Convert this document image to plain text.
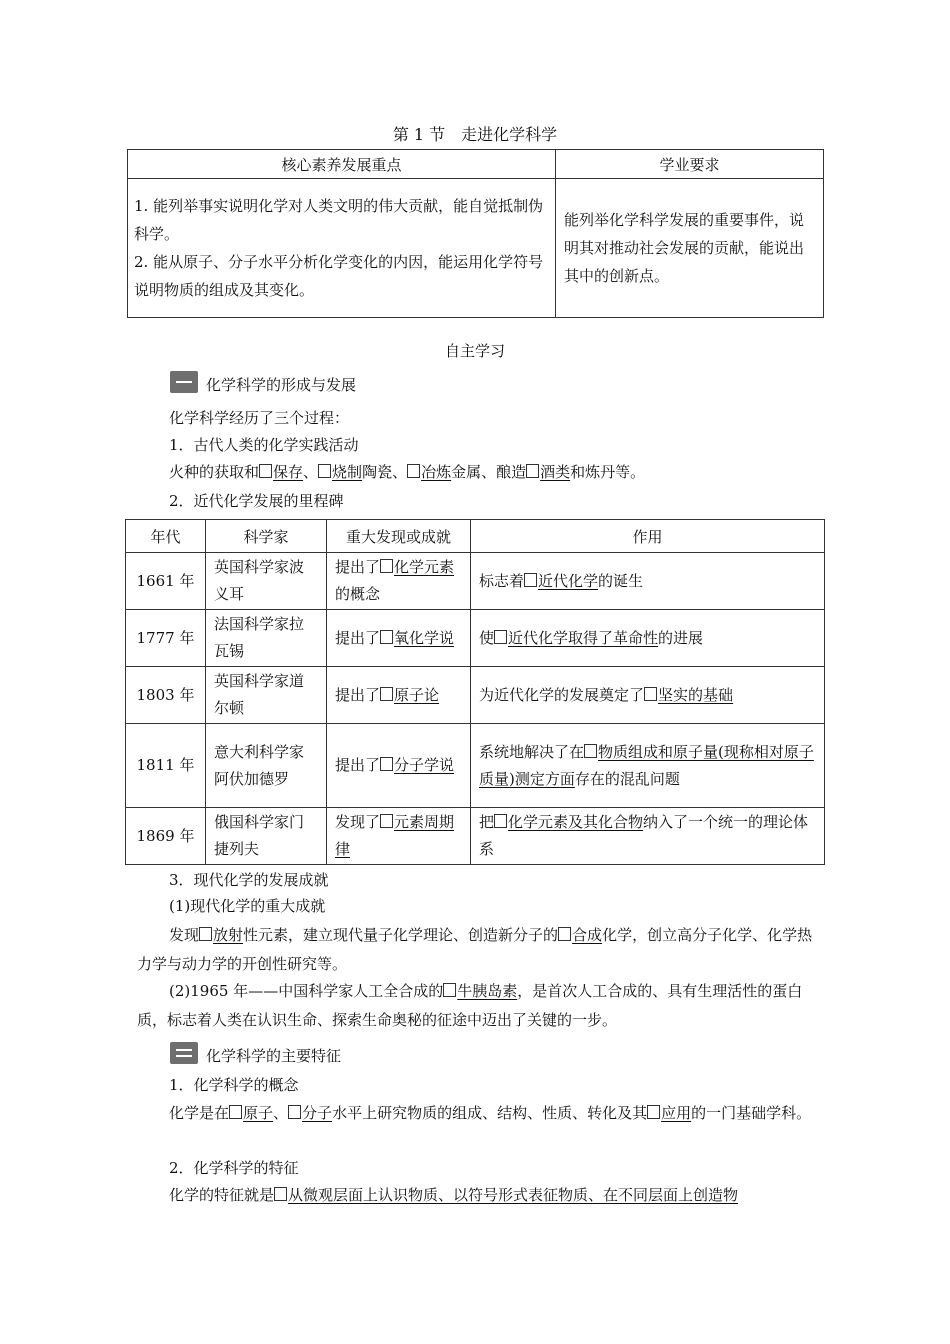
第 1 节　走进化学科学
核心素养发展重点	学业要求

1. 能列举事实说明化学对人类文明的伟大贡献，能自觉抵制伪科学。
2. 能从原子、分子水平分析化学变化的内因，能运用化学符号说明物质的组成及其变化。	能列举化学科学发展的重要事件，说明其对推动社会发展的贡献，能说出其中的创新点。
自主学习
化学科学的形成与发展
化学科学经历了三个过程：
1．古代人类的化学实践活动
火种的获取和 保存、 烧制陶瓷、 冶炼金属、酿造 酒类和炼丹等。
2．近代化学发展的里程碑
年代	科学家	重大发现或成就	作用
1661 年	英国科学家波义耳	提出了 化学元素的概念	标志着 近代化学的诞生
1777 年	法国科学家拉瓦锡	提出了 氧化学说	使 近代化学取得了革命性的进展
1803 年	英国科学家道尔顿	提出了 原子论	为近代化学的发展奠定了 坚实的基础
1811 年	意大利科学家阿伏加德罗	提出了 分子学说	系统地解决了在 物质组成和原子量(现称相对原子质量)测定方面存在的混乱问题
1869 年	俄国科学家门捷列夫	发现了 元素周期律	把 化学元素及其化合物纳入了一个统一的理论体系
3．现代化学的发展成就
(1)现代化学的重大成就
发现 放射性元素，建立现代量子化学理论、创造新分子的 合成化学，创立高分子化学、化学热力学与动力学的开创性研究等。
(2)1965 年——中国科学家人工全合成的 牛胰岛素，是首次人工合成的、具有生理活性的蛋白质，标志着人类在认识生命、探索生命奥秘的征途中迈出了关键的一步。
化学科学的主要特征
1．化学科学的概念
化学是在 原子、 分子水平上研究物质的组成、结构、性质、转化及其 应用的一门基础学科。
2．化学科学的特征
化学的特征就是 从微观层面上认识物质、以符号形式表征物质、在不同层面上创造物
